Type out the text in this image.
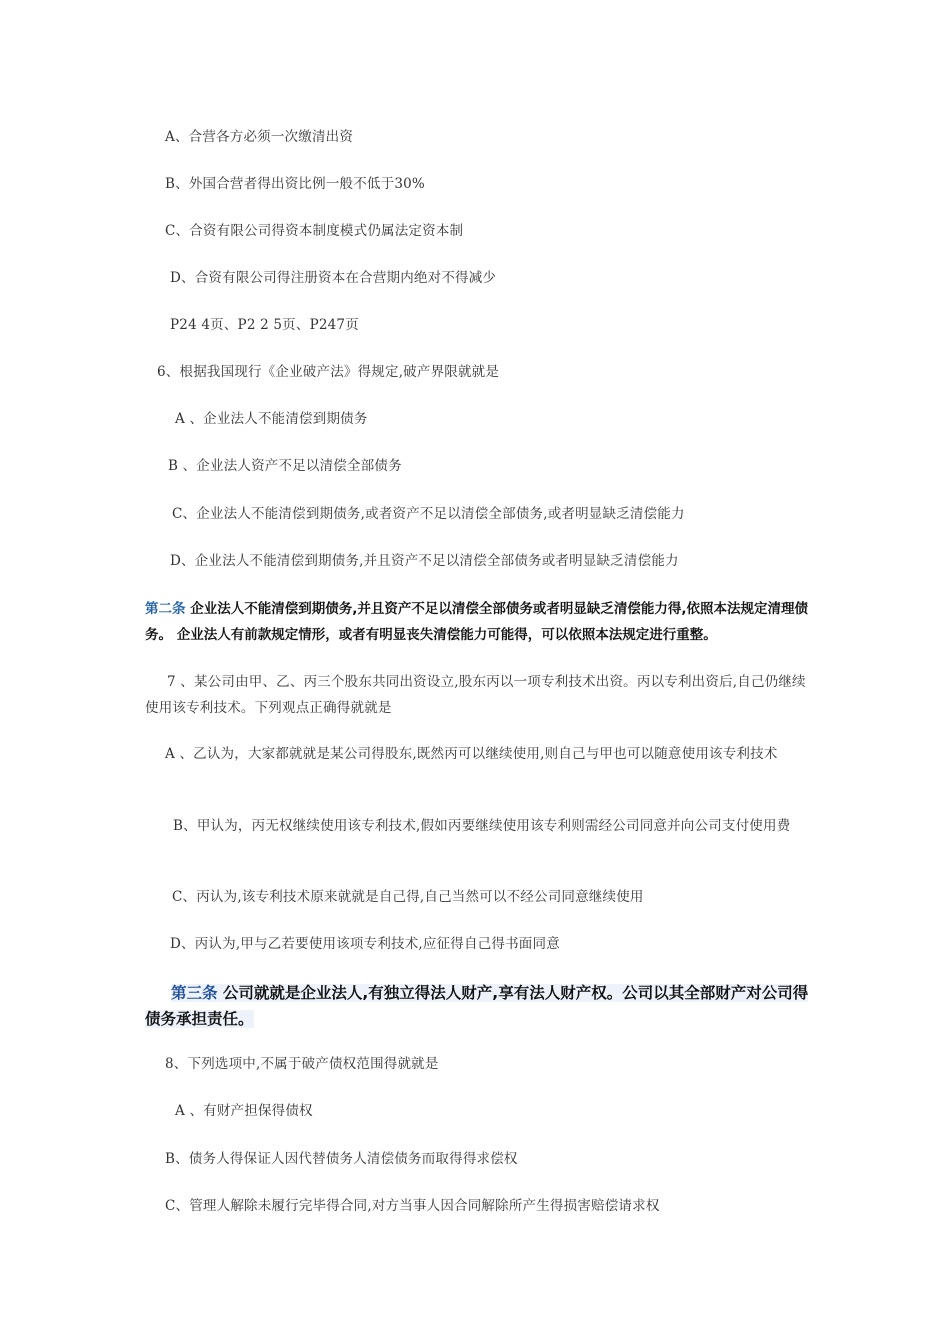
A、合营各方必须一次缴清出资

B、外国合营者得出资比例一般不低于30%

C、合资有限公司得资本制度模式仍属法定资本制

D、合资有限公司得注册资本在合营期内绝对不得减少

P24 4页、P2 2 5页、P247页

6、根据我国现行《企业破产法》得规定,破产界限就就是

A 、企业法人不能清偿到期债务

B 、企业法人资产不足以清偿全部债务

C、企业法人不能清偿到期债务,或者资产不足以清偿全部债务,或者明显缺乏清偿能力

D、企业法人不能清偿到期债务,并且资产不足以清偿全部债务或者明显缺乏清偿能力

第二条 企业法人不能清偿到期债务,并且资产不足以清偿全部债务或者明显缺乏清偿能力得,依照本法规定清理债务。 企业法人有前款规定情形，或者有明显丧失清偿能力可能得，可以依照本法规定进行重整。

7 、某公司由甲、乙、丙三个股东共同出资设立,股东丙以一项专利技术出资。丙以专利出资后,自己仍继续使用该专利技术。下列观点正确得就就是

A 、乙认为，大家都就就是某公司得股东,既然丙可以继续使用,则自己与甲也可以随意使用该专利技术

B、甲认为，丙无权继续使用该专利技术,假如丙要继续使用该专利则需经公司同意并向公司支付使用费

C、丙认为,该专利技术原来就就是自己得,自己当然可以不经公司同意继续使用

D、丙认为,甲与乙若要使用该项专利技术,应征得自己得书面同意

第三条 公司就就是企业法人,有独立得法人财产,享有法人财产权。公司以其全部财产对公司得债务承担责任。

8、下列选项中,不属于破产债权范围得就就是

A 、有财产担保得债权

B、债务人得保证人因代替债务人清偿债务而取得得求偿权

C、管理人解除未履行完毕得合同,对方当事人因合同解除所产生得损害赔偿请求权
